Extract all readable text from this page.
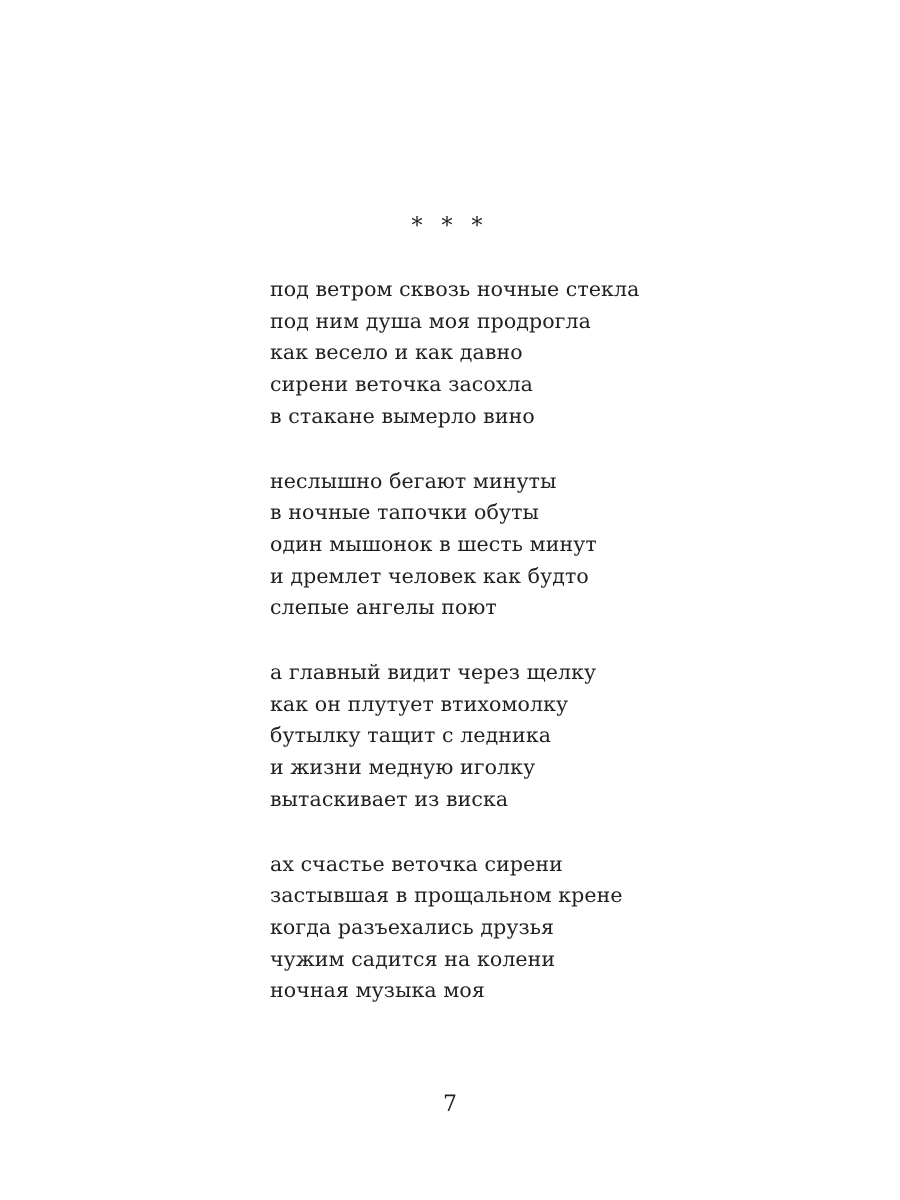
* * *
под ветром сквозь ночные стекла
под ним душа моя продрогла
как весело и как давно
сирени веточка засохла
в стакане вымерло вино
неслышно бегают минуты
в ночные тапочки обуты
один мышонок в шесть минут
и дремлет человек как будто
слепые ангелы поют
а главный видит через щелку
как он плутует втихомолку
бутылку тащит с ледника
и жизни медную иголку
вытаскивает из виска
ах счастье веточка сирени
застывшая в прощальном крене
когда разъехались друзья
чужим садится на колени
ночная музыка моя
7
